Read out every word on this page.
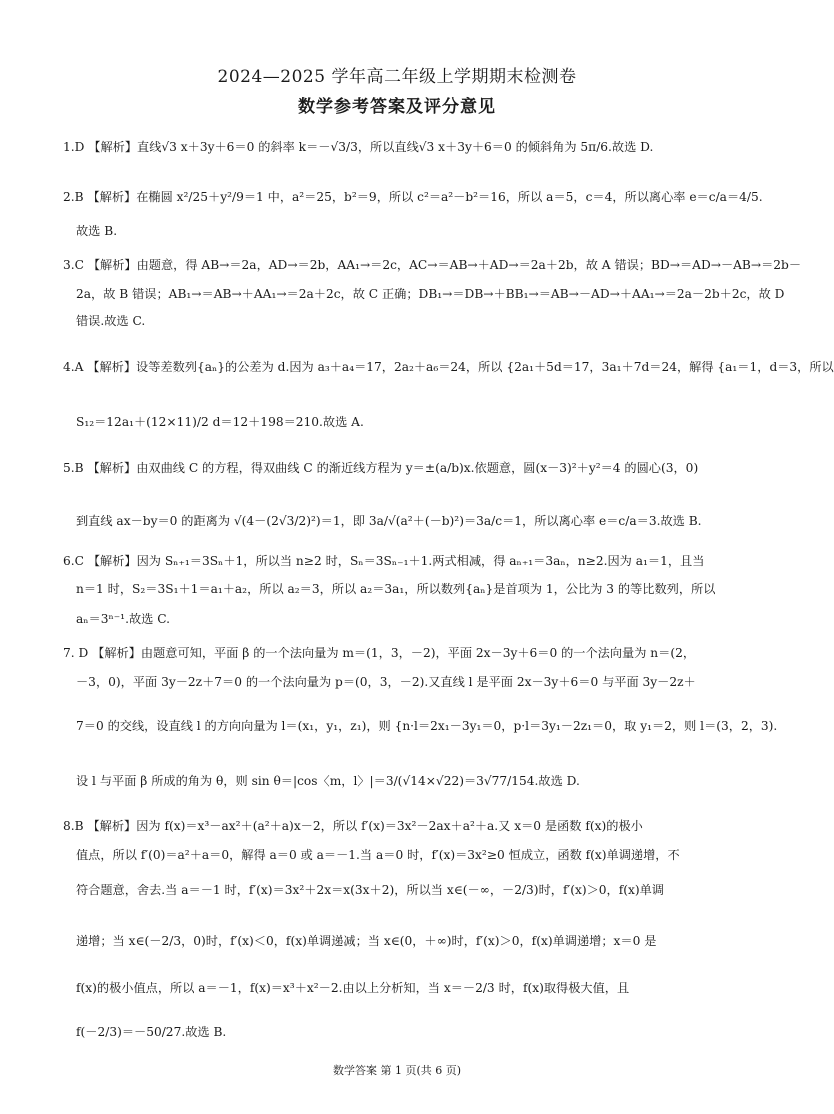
2024—2025 学年高二年级上学期期末检测卷
数学参考答案及评分意见
1.D 【解析】直线√3 x＋3y＋6＝0 的斜率 k＝－√3/3，所以直线√3 x＋3y＋6＝0 的倾斜角为 5π/6.故选 D.
2.B 【解析】在椭圆 x²/25＋y²/9＝1 中，a²＝25，b²＝9，所以 c²＝a²－b²＝16，所以 a＝5，c＝4，所以离心率 e＝c/a＝4/5.
故选 B.
3.C 【解析】由题意，得 AB→＝2a，AD→＝2b，AA₁→＝2c，AC→＝AB→＋AD→＝2a＋2b，故 A 错误；BD→＝AD→－AB→＝2b－
2a，故 B 错误；AB₁→＝AB→＋AA₁→＝2a＋2c，故 C 正确；DB₁→＝DB→＋BB₁→＝AB→－AD→＋AA₁→＝2a－2b＋2c，故 D
错误.故选 C.
4.A 【解析】设等差数列{aₙ}的公差为 d.因为 a₃＋a₄＝17，2a₂＋a₆＝24，所以 {2a₁＋5d＝17，3a₁＋7d＝24，解得 {a₁＝1，d＝3，所以
S₁₂＝12a₁＋(12×11)/2 d＝12＋198＝210.故选 A.
5.B 【解析】由双曲线 C 的方程，得双曲线 C 的渐近线方程为 y＝±(a/b)x.依题意，圆(x－3)²＋y²＝4 的圆心(3，0)
到直线 ax－by＝0 的距离为 √(4－(2√3/2)²)＝1，即 3a/√(a²＋(－b)²)＝3a/c＝1，所以离心率 e＝c/a＝3.故选 B.
6.C 【解析】因为 Sₙ₊₁＝3Sₙ＋1，所以当 n≥2 时，Sₙ＝3Sₙ₋₁＋1.两式相减，得 aₙ₊₁＝3aₙ，n≥2.因为 a₁＝1，且当
n＝1 时，S₂＝3S₁＋1＝a₁＋a₂，所以 a₂＝3，所以 a₂＝3a₁，所以数列{aₙ}是首项为 1，公比为 3 的等比数列，所以
aₙ＝3ⁿ⁻¹.故选 C.
7. D 【解析】由题意可知，平面 β 的一个法向量为 m＝(1，3，－2)，平面 2x－3y＋6＝0 的一个法向量为 n＝(2，
－3，0)，平面 3y－2z＋7＝0 的一个法向量为 p＝(0，3，－2).又直线 l 是平面 2x－3y＋6＝0 与平面 3y－2z＋
7＝0 的交线，设直线 l 的方向向量为 l＝(x₁，y₁，z₁)，则 {n·l＝2x₁－3y₁＝0，p·l＝3y₁－2z₁＝0，取 y₁＝2，则 l＝(3，2，3).
设 l 与平面 β 所成的角为 θ，则 sin θ＝|cos〈m，l〉|＝3/(√14×√22)＝3√77/154.故选 D.
8.B 【解析】因为 f(x)＝x³－ax²＋(a²＋a)x－2，所以 f′(x)＝3x²－2ax＋a²＋a.又 x＝0 是函数 f(x)的极小
值点，所以 f′(0)＝a²＋a＝0，解得 a＝0 或 a＝－1.当 a＝0 时，f′(x)＝3x²≥0 恒成立，函数 f(x)单调递增，不
符合题意，舍去.当 a＝－1 时，f′(x)＝3x²＋2x＝x(3x＋2)，所以当 x∈(－∞，－2/3)时，f′(x)＞0，f(x)单调
递增；当 x∈(－2/3，0)时，f′(x)＜0，f(x)单调递减；当 x∈(0，＋∞)时，f′(x)＞0，f(x)单调递增；x＝0 是
f(x)的极小值点，所以 a＝－1，f(x)＝x³＋x²－2.由以上分析知，当 x＝－2/3 时，f(x)取得极大值，且
f(－2/3)＝－50/27.故选 B.
数学答案 第 1 页(共 6 页)
